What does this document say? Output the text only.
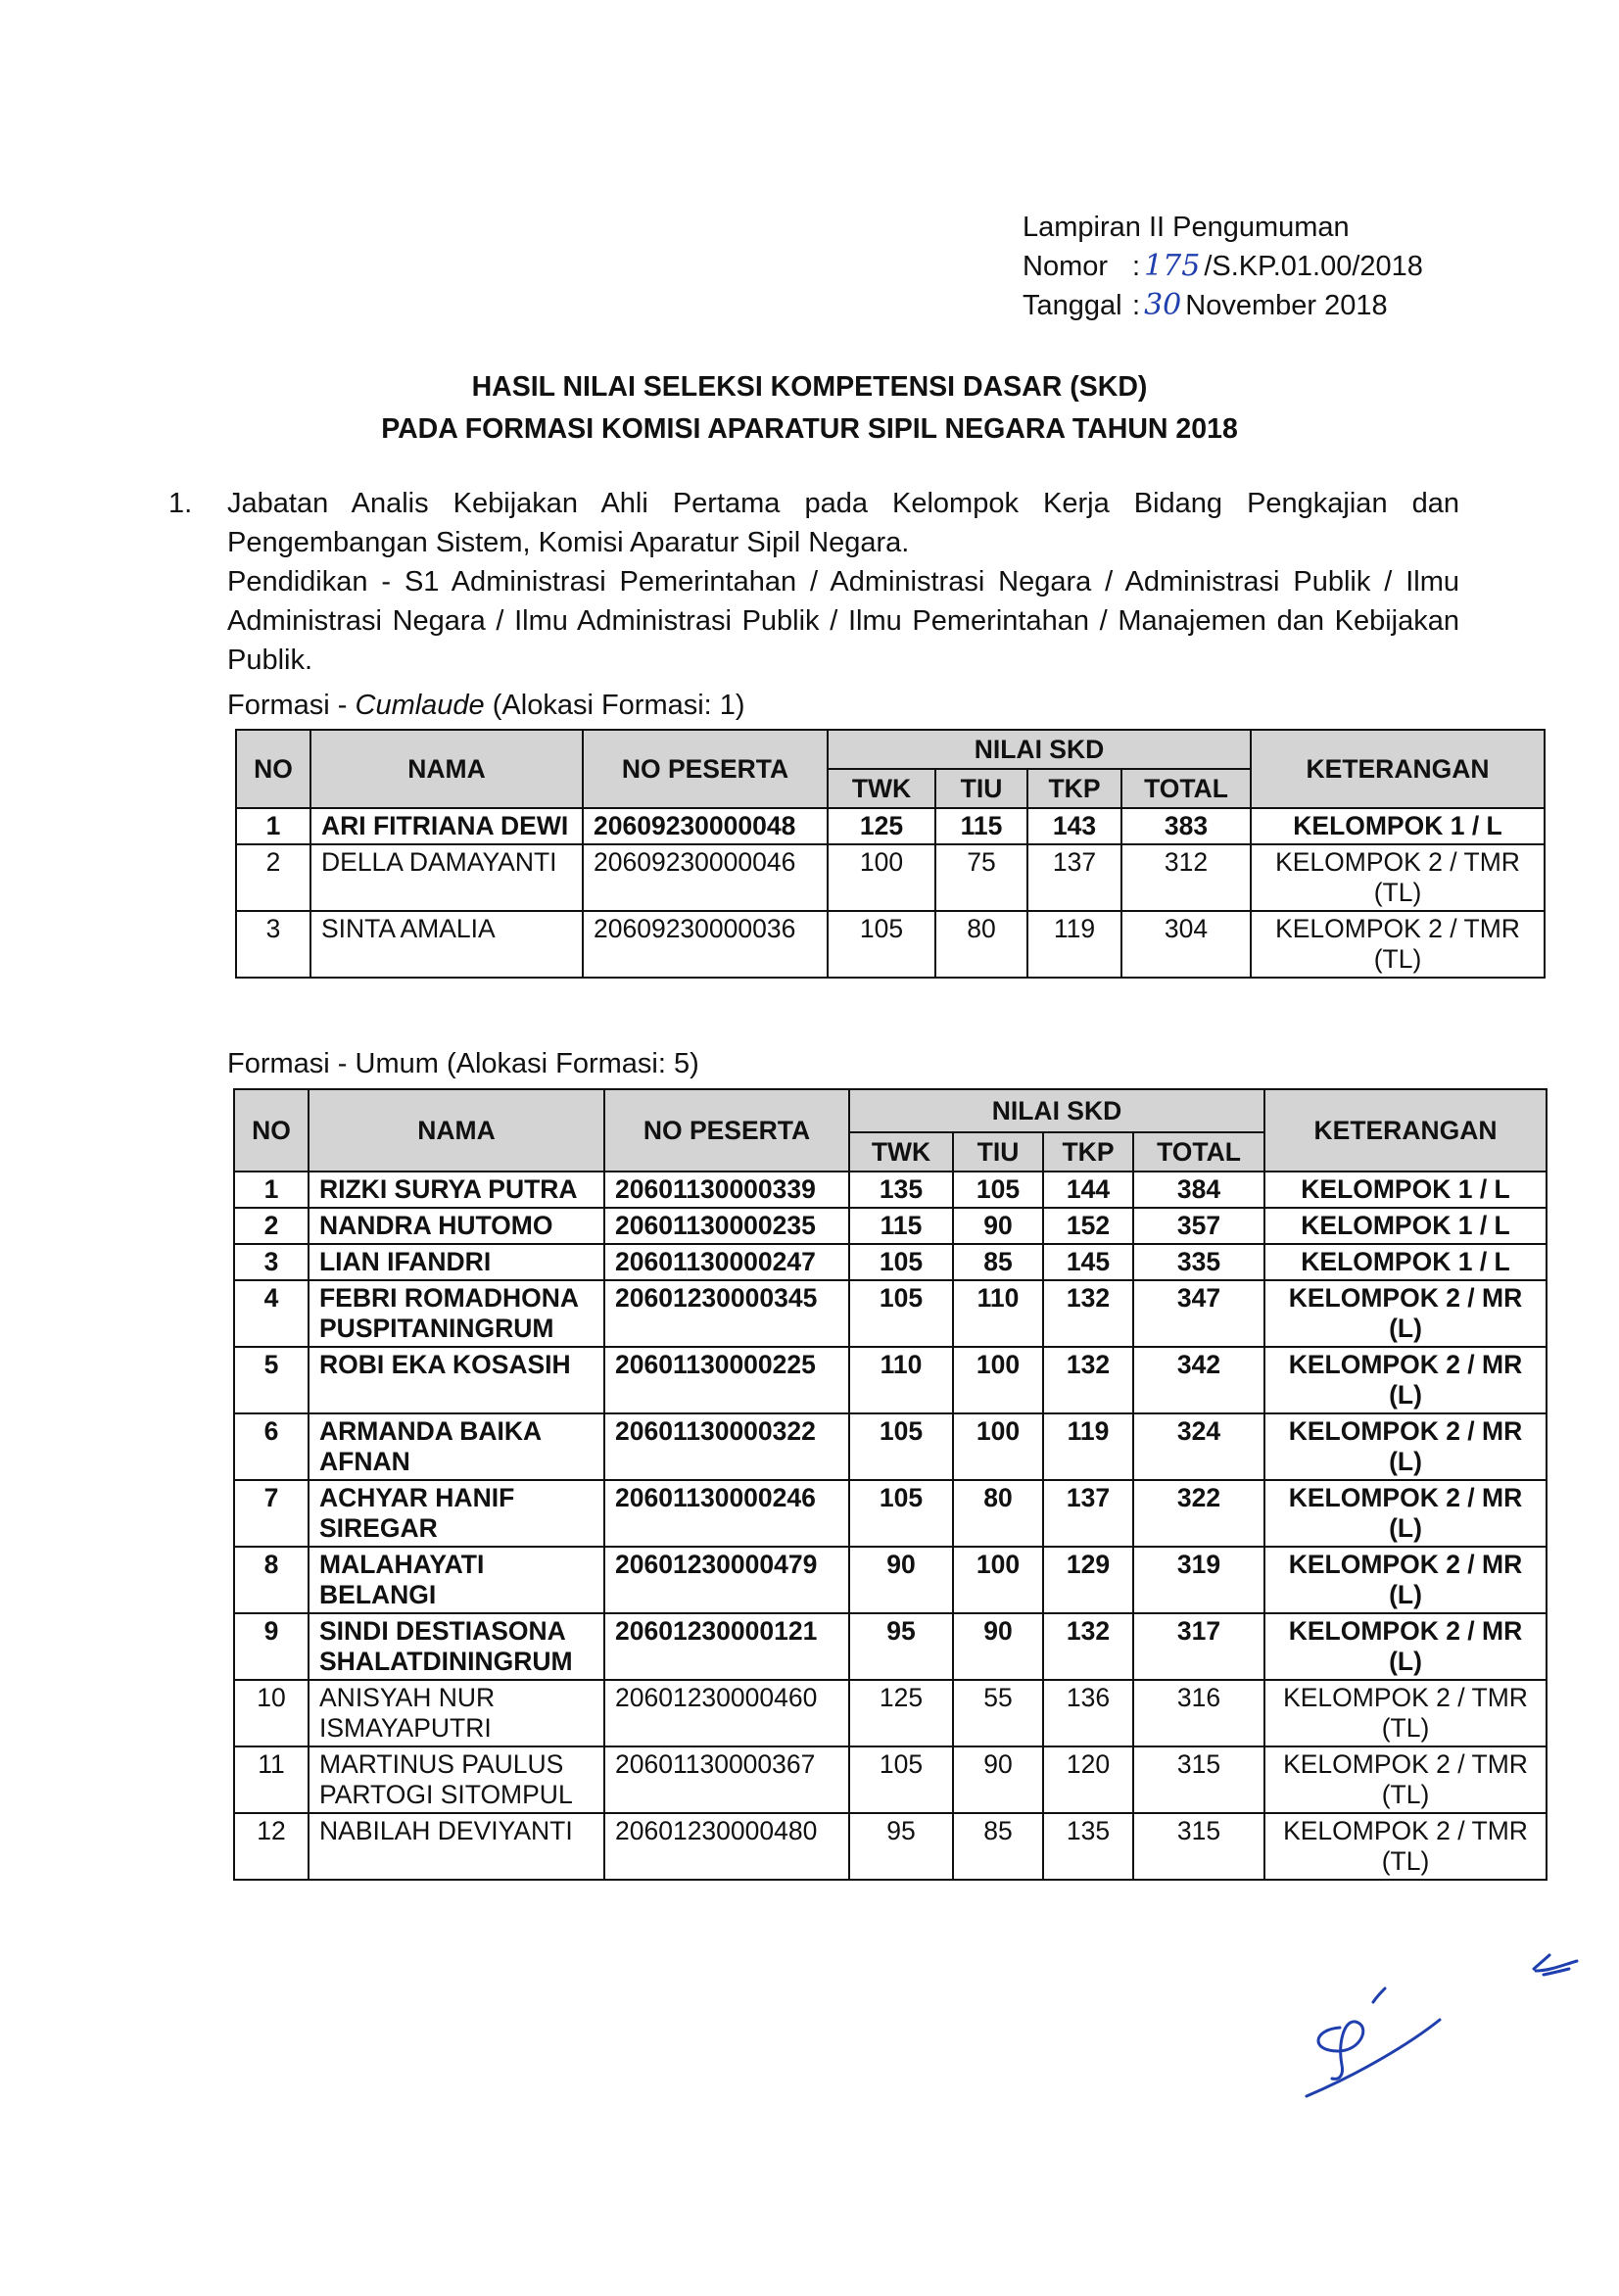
Lampiran II Pengumuman
Nomor : 175 /S.KP.01.00/2018
Tanggal : 30 November 2018
HASIL NILAI SELEKSI KOMPETENSI DASAR (SKD)
PADA FORMASI KOMISI APARATUR SIPIL NEGARA TAHUN 2018
1.	Jabatan Analis Kebijakan Ahli Pertama pada Kelompok Kerja Bidang Pengkajian dan Pengembangan Sistem, Komisi Aparatur Sipil Negara.

Pendidikan - S1 Administrasi Pemerintahan / Administrasi Negara / Administrasi Publik / Ilmu Administrasi Negara / Ilmu Administrasi Publik / Ilmu Pemerintahan / Manajemen dan Kebijakan Publik.

Formasi - Cumlaude (Alokasi Formasi: 1)
NO	NAMA	NO PESERTA	NILAI SKD				KETERANGAN
			TWK	TIU	TKP	TOTAL	
1	ARI FITRIANA DEWI	20609230000048	125	115	143	383	KELOMPOK 1 / L
2	DELLA DAMAYANTI	20609230000046	100	75	137	312	KELOMPOK 2 / TMR (TL)
3	SINTA AMALIA	20609230000036	105	80	119	304	KELOMPOK 2 / TMR (TL)
Formasi - Umum (Alokasi Formasi: 5)
NO	NAMA	NO PESERTA	NILAI SKD				KETERANGAN
			TWK	TIU	TKP	TOTAL	
1	RIZKI SURYA PUTRA	20601130000339	135	105	144	384	KELOMPOK 1 / L
2	NANDRA HUTOMO	20601130000235	115	90	152	357	KELOMPOK 1 / L
3	LIAN IFANDRI	20601130000247	105	85	145	335	KELOMPOK 1 / L
4	FEBRI ROMADHONA PUSPITANINGRUM	20601230000345	105	110	132	347	KELOMPOK 2 / MR (L)
5	ROBI EKA KOSASIH	20601130000225	110	100	132	342	KELOMPOK 2 / MR (L)
6	ARMANDA BAIKA AFNAN	20601130000322	105	100	119	324	KELOMPOK 2 / MR (L)
7	ACHYAR HANIF SIREGAR	20601130000246	105	80	137	322	KELOMPOK 2 / MR (L)
8	MALAHAYATI BELANGI	20601230000479	90	100	129	319	KELOMPOK 2 / MR (L)
9	SINDI DESTIASONA SHALATDININGRUM	20601230000121	95	90	132	317	KELOMPOK 2 / MR (L)
10	ANISYAH NUR ISMAYAPUTRI	20601230000460	125	55	136	316	KELOMPOK 2 / TMR (TL)
11	MARTINUS PAULUS PARTOGI SITOMPUL	20601130000367	105	90	120	315	KELOMPOK 2 / TMR (TL)
12	NABILAH DEVIYANTI	20601230000480	95	85	135	315	KELOMPOK 2 / TMR (TL)
